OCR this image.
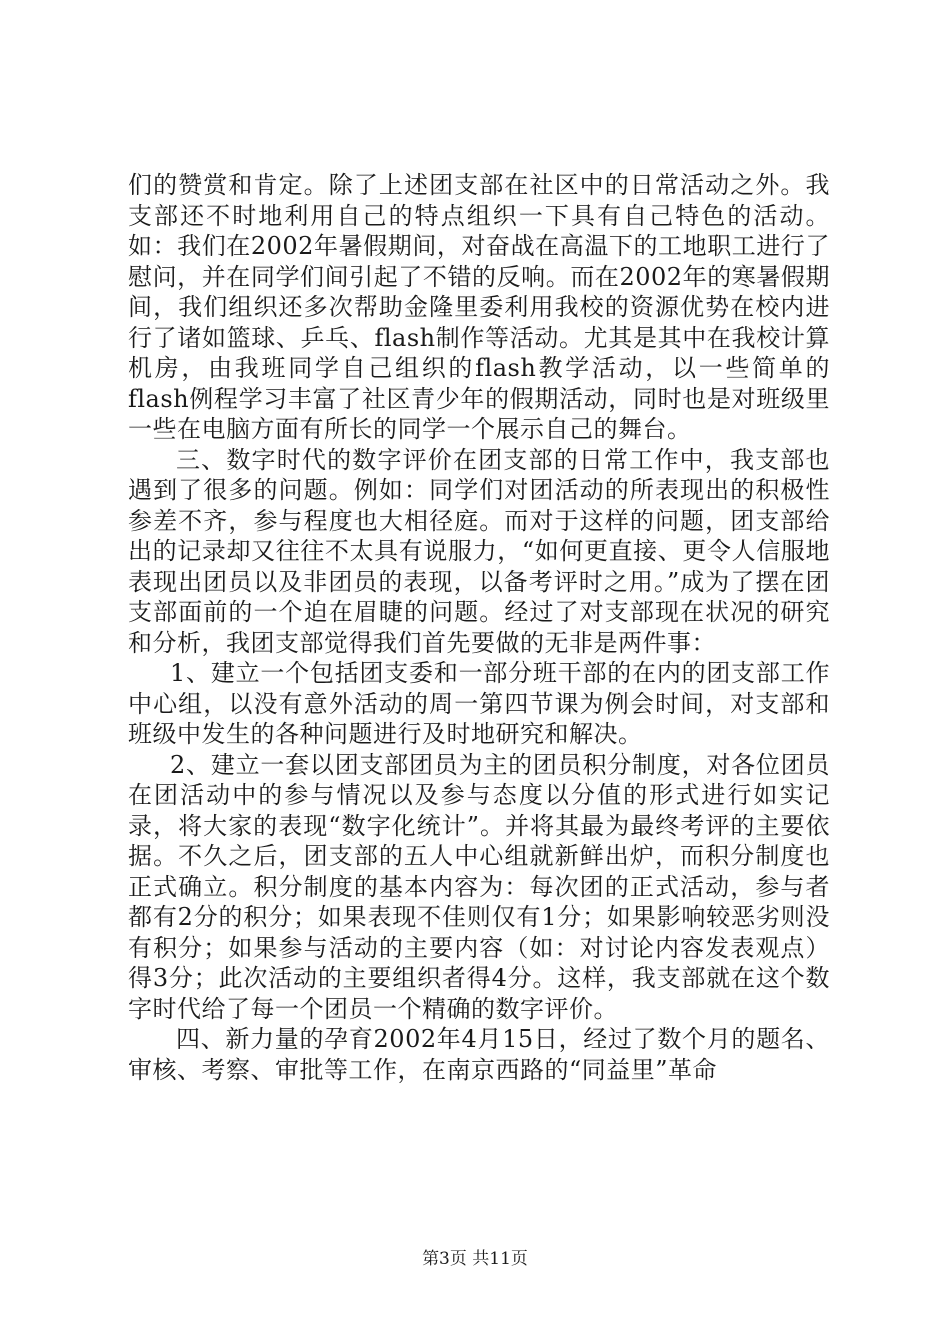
们的赞赏和肯定。除了上述团支部在社区中的日常活动之外。我支部还不时地利用自己的特点组织一下具有自己特色的活动。如：我们在2002年暑假期间，对奋战在高温下的工地职工进行了慰问，并在同学们间引起了不错的反响。而在2002年的寒暑假期间，我们组织还多次帮助金隆里委利用我校的资源优势在校内进行了诸如篮球、乒乓、flash制作等活动。尤其是其中在我校计算机房，由我班同学自己组织的flash教学活动，以一些简单的flash例程学习丰富了社区青少年的假期活动，同时也是对班级里一些在电脑方面有所长的同学一个展示自己的舞台。

三、数字时代的数字评价在团支部的日常工作中，我支部也遇到了很多的问题。例如：同学们对团活动的所表现出的积极性参差不齐，参与程度也大相径庭。而对于这样的问题，团支部给出的记录却又往往不太具有说服力，“如何更直接、更令人信服地表现出团员以及非团员的表现，以备考评时之用。”成为了摆在团支部面前的一个迫在眉睫的问题。经过了对支部现在状况的研究和分析，我团支部觉得我们首先要做的无非是两件事：

1、建立一个包括团支委和一部分班干部的在内的团支部工作中心组，以没有意外活动的周一第四节课为例会时间，对支部和班级中发生的各种问题进行及时地研究和解决。

2、建立一套以团支部团员为主的团员积分制度，对各位团员在团活动中的参与情况以及参与态度以分值的形式进行如实记录，将大家的表现“数字化统计”。并将其最为最终考评的主要依据。不久之后，团支部的五人中心组就新鲜出炉，而积分制度也正式确立。积分制度的基本内容为：每次团的正式活动，参与者都有2分的积分；如果表现不佳则仅有1分；如果影响较恶劣则没有积分；如果参与活动的主要内容（如：对讨论内容发表观点）得3分；此次活动的主要组织者得4分。这样，我支部就在这个数字时代给了每一个团员一个精确的数字评价。

四、新力量的孕育2002年4月15日，经过了数个月的题名、审核、考察、审批等工作，在南京西路的“同益里”革命

第3页 共11页
